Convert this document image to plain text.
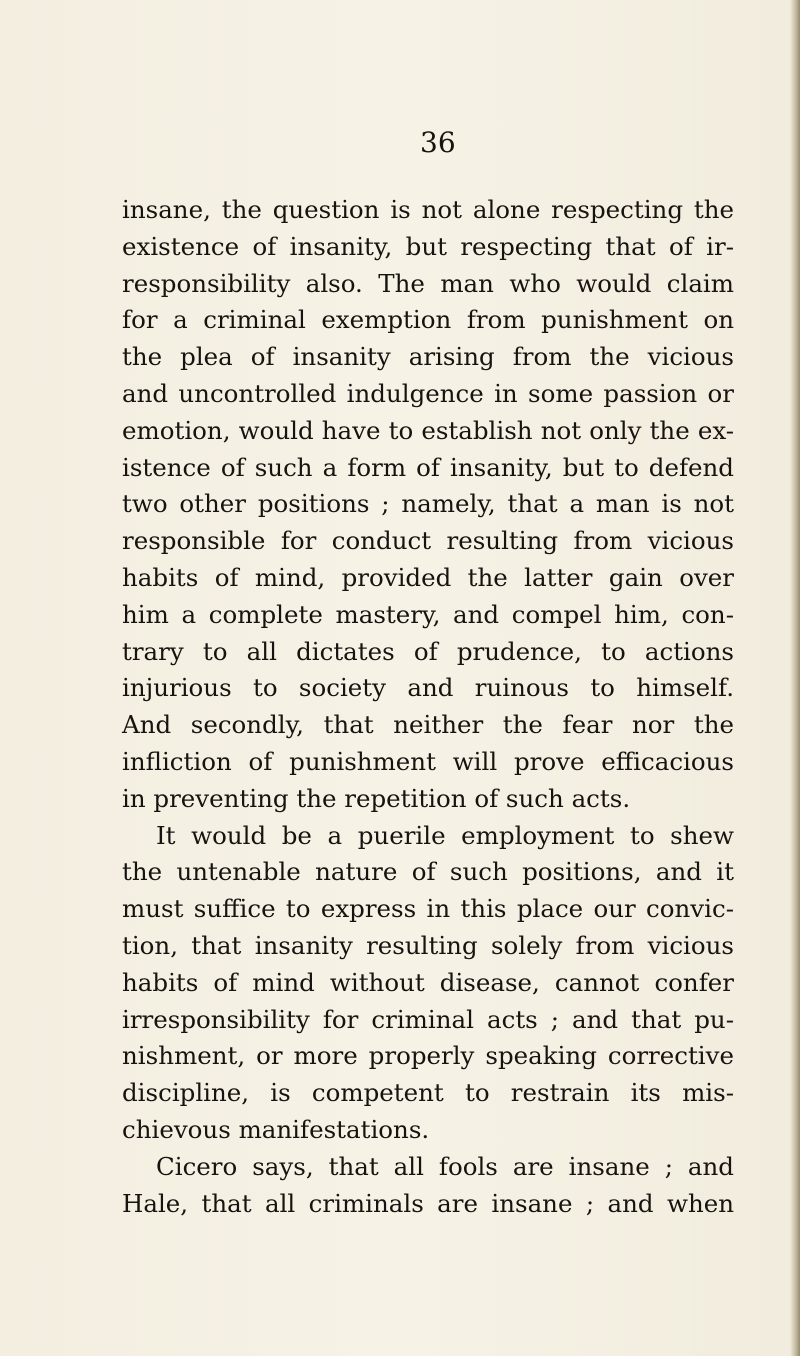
36
insane, the question is not alone respecting the
existence of insanity, but respecting that of ir-
responsibility also. The man who would claim
for a criminal exemption from punishment on
the plea of insanity arising from the vicious
and uncontrolled indulgence in some passion or
emotion, would have to establish not only the ex-
istence of such a form of insanity, but to defend
two other positions ; namely, that a man is not
responsible for conduct resulting from vicious
habits of mind, provided the latter gain over
him a complete mastery, and compel him, con-
trary to all dictates of prudence, to actions
injurious to society and ruinous to himself.
And secondly, that neither the fear nor the
infliction of punishment will prove efficacious
in preventing the repetition of such acts.
It would be a puerile employment to shew
the untenable nature of such positions, and it
must suffice to express in this place our convic-
tion, that insanity resulting solely from vicious
habits of mind without disease, cannot confer
irresponsibility for criminal acts ; and that pu-
nishment, or more properly speaking corrective
discipline, is competent to restrain its mis-
chievous manifestations.
Cicero says, that all fools are insane ; and
Hale, that all criminals are insane ; and when
